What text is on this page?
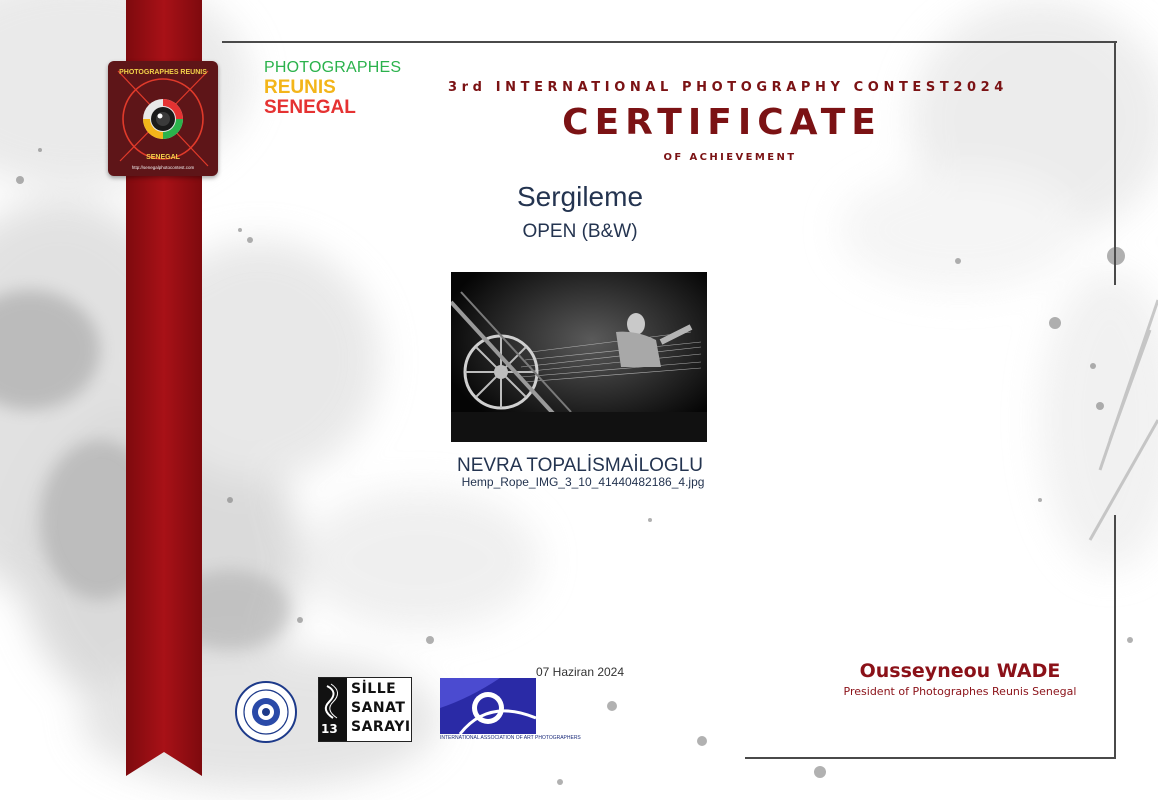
PHOTOGRAPHES REUNIS
SENEGAL
http://senegalphotocontest.com
PHOTOGRAPHES
REUNIS
SENEGAL
3rd INTERNATIONAL PHOTOGRAPHY CONTEST2024
CERTIFICATE
OF ACHIEVEMENT
Sergileme
OPEN (B&W)
NEVRA TOPALİSMAİLOGLU
Hemp_Rope_IMG_3_10_41440482186_4.jpg
07 Haziran 2024	Ousseyneou WADE
President of Photographes Reunis Senegal
13
SİLLE
SANAT
SARAYI
INTERNATIONAL ASSOCIATION OF ART PHOTOGRAPHERS
